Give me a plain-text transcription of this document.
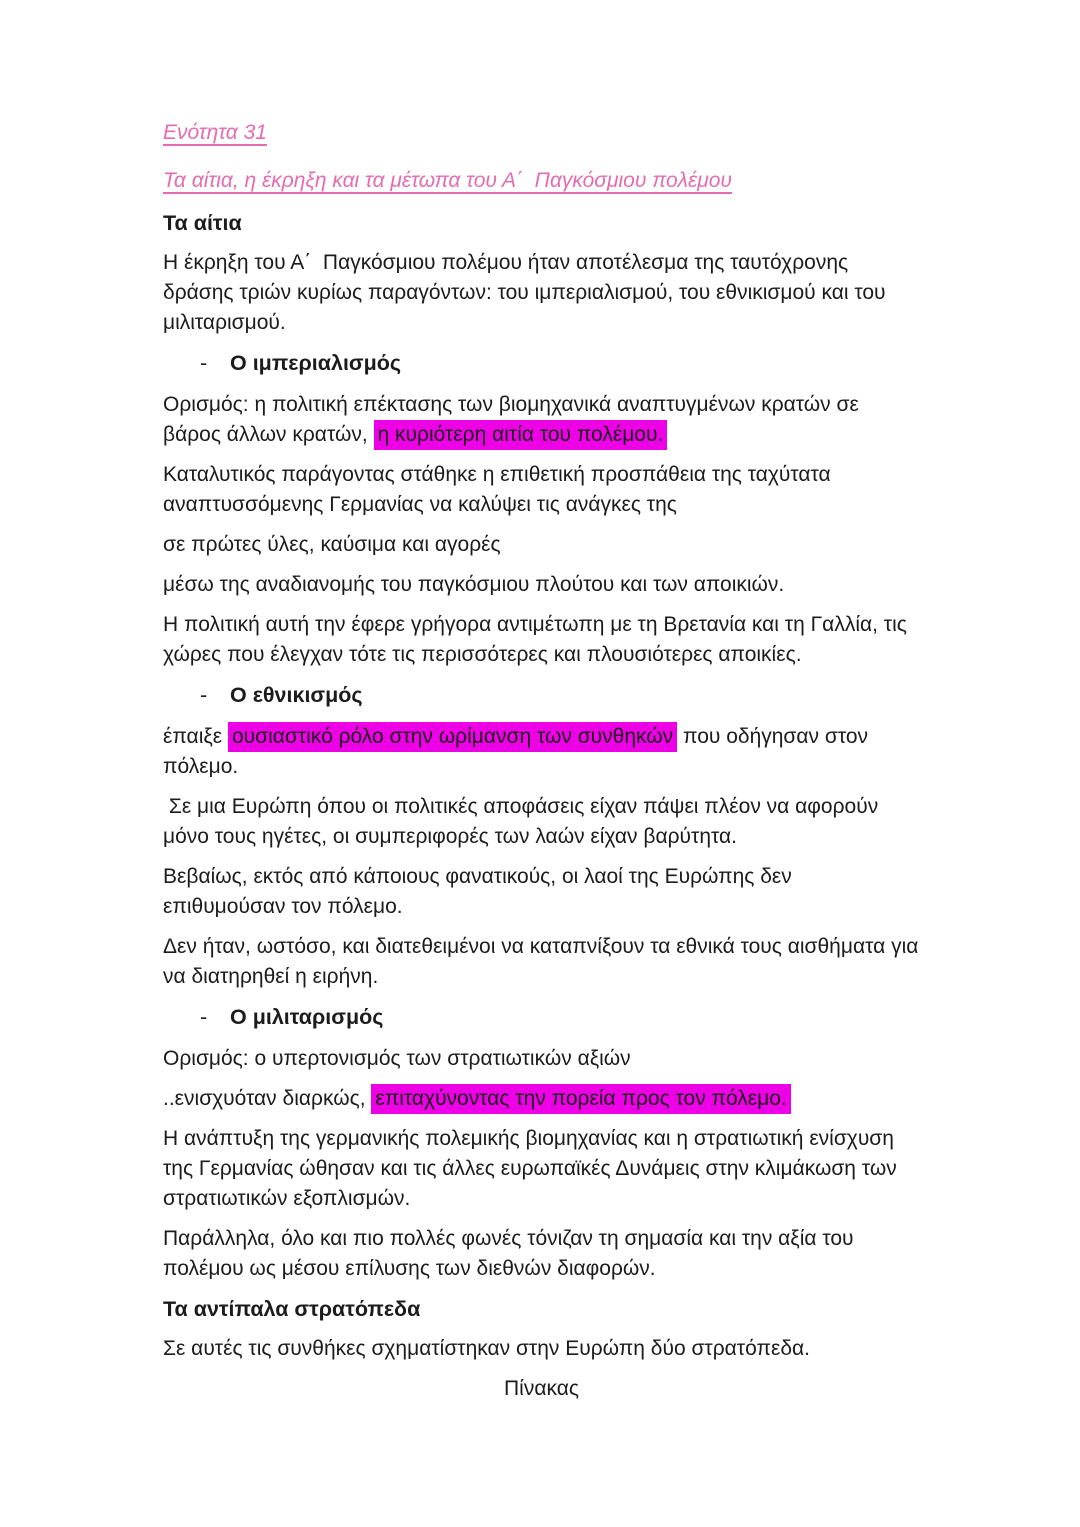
Ενότητα 31
Τα αίτια, η έκρηξη και τα μέτωπα του Α΄  Παγκόσμιου πολέμου
Τα αίτια

Η έκρηξη του Α΄  Παγκόσμιου πολέμου ήταν αποτέλεσμα της ταυτόχρονης δράσης τριών κυρίως παραγόντων: του ιμπεριαλισμού, του εθνικισμού και του μιλιταρισμού.

-	Ο ιμπεριαλισμός

Ορισμός: η πολιτική επέκτασης των βιομηχανικά αναπτυγμένων κρατών σε βάρος άλλων κρατών, η κυριότερη αιτία του πολέμου.

Καταλυτικός παράγοντας στάθηκε η επιθετική προσπάθεια της ταχύτατα αναπτυσσόμενης Γερμανίας να καλύψει τις ανάγκες της

σε πρώτες ύλες, καύσιμα και αγορές

μέσω της αναδιανομής του παγκόσμιου πλούτου και των αποικιών.

Η πολιτική αυτή την έφερε γρήγορα αντιμέτωπη με τη Βρετανία και τη Γαλλία, τις χώρες που έλεγχαν τότε τις περισσότερες και πλουσιότερες αποικίες.

-	Ο εθνικισμός

έπαιξε ουσιαστικό ρόλο στην ωρίμανση των συνθηκών που οδήγησαν στον πόλεμο.

Σε μια Ευρώπη όπου οι πολιτικές αποφάσεις είχαν πάψει πλέον να αφορούν μόνο τους ηγέτες, οι συμπεριφορές των λαών είχαν βαρύτητα.

Βεβαίως, εκτός από κάποιους φανατικούς, οι λαοί της Ευρώπης δεν επιθυμούσαν τον πόλεμο.

Δεν ήταν, ωστόσο, και διατεθειμένοι να καταπνίξουν τα εθνικά τους αισθήματα για να διατηρηθεί η ειρήνη.

-	Ο μιλιταρισμός

Ορισμός: ο υπερτονισμός των στρατιωτικών αξιών

..ενισχυόταν διαρκώς, επιταχύνοντας την πορεία προς τον πόλεμο.

Η ανάπτυξη της γερμανικής πολεμικής βιομηχανίας και η στρατιωτική ενίσχυση της Γερμανίας ώθησαν και τις άλλες ευρωπαϊκές Δυνάμεις στην κλιμάκωση των στρατιωτικών εξοπλισμών.

Παράλληλα, όλο και πιο πολλές φωνές τόνιζαν τη σημασία και την αξία του πολέμου ως μέσου επίλυσης των διεθνών διαφορών.

Τα αντίπαλα στρατόπεδα

Σε αυτές τις συνθήκες σχηματίστηκαν στην Ευρώπη δύο στρατόπεδα.

Πίνακας
